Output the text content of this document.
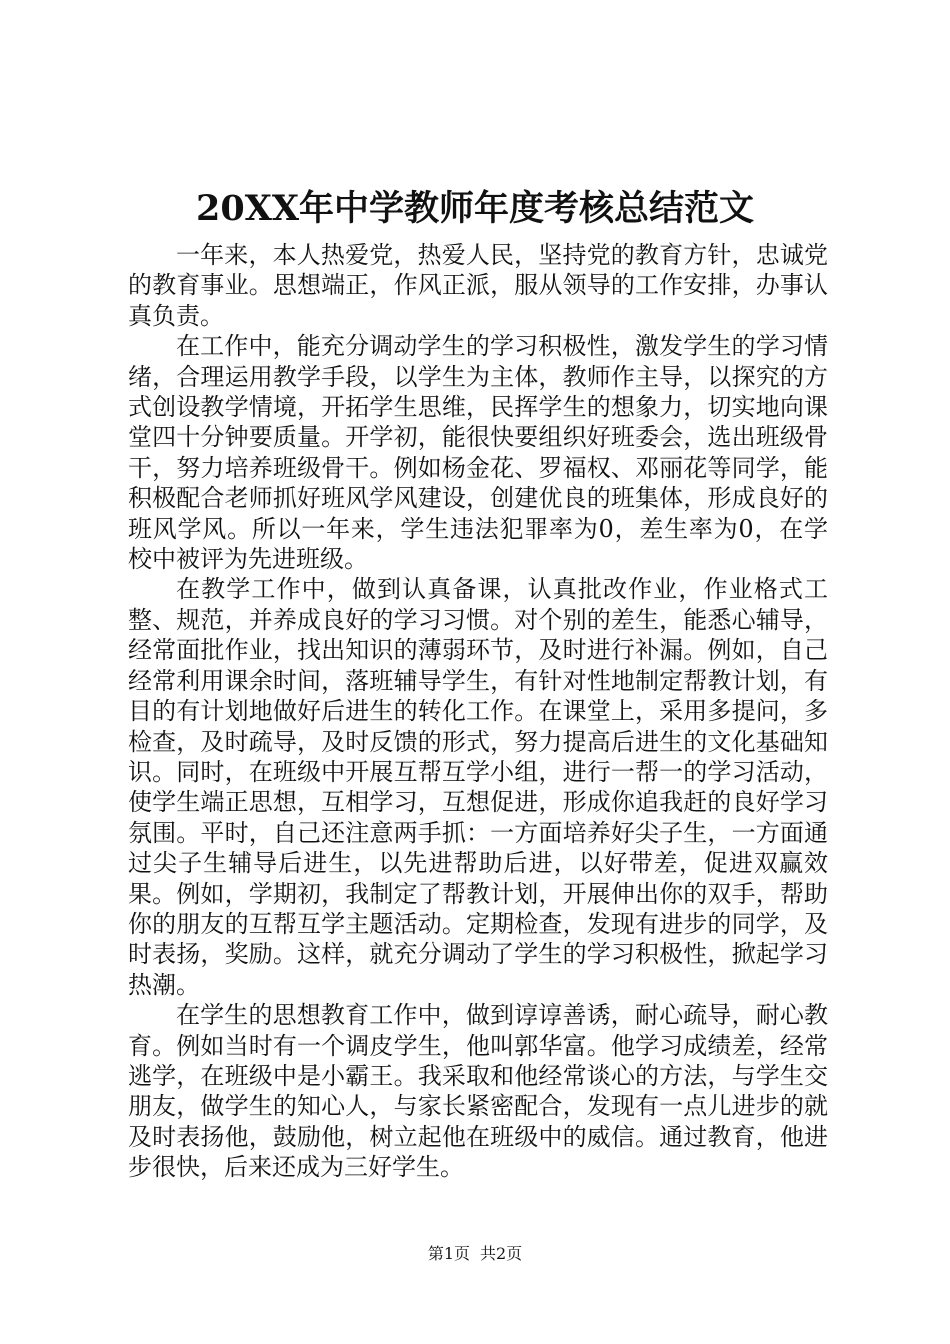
20XX年中学教师年度考核总结范文

一年来，本人热爱党，热爱人民，坚持党的教育方针，忠诚党的教育事业。思想端正，作风正派，服从领导的工作安排，办事认真负责。

在工作中，能充分调动学生的学习积极性，激发学生的学习情绪，合理运用教学手段，以学生为主体，教师作主导，以探究的方式创设教学情境，开拓学生思维，民挥学生的想象力，切实地向课堂四十分钟要质量。开学初，能很快要组织好班委会，选出班级骨干，努力培养班级骨干。例如杨金花、罗福权、邓丽花等同学，能积极配合老师抓好班风学风建设，创建优良的班集体，形成良好的班风学风。所以一年来，学生违法犯罪率为0，差生率为0，在学校中被评为先进班级。

在教学工作中，做到认真备课，认真批改作业，作业格式工整、规范，并养成良好的学习习惯。对个别的差生，能悉心辅导，经常面批作业，找出知识的薄弱环节，及时进行补漏。例如，自己经常利用课余时间，落班辅导学生，有针对性地制定帮教计划，有目的有计划地做好后进生的转化工作。在课堂上，采用多提问，多检查，及时疏导，及时反馈的形式，努力提高后进生的文化基础知识。同时，在班级中开展互帮互学小组，进行一帮一的学习活动，使学生端正思想，互相学习，互想促进，形成你追我赶的良好学习氛围。平时，自己还注意两手抓：一方面培养好尖子生，一方面通过尖子生辅导后进生，以先进帮助后进，以好带差，促进双赢效果。例如，学期初，我制定了帮教计划，开展伸出你的双手，帮助你的朋友的互帮互学主题活动。定期检查，发现有进步的同学，及时表扬，奖励。这样，就充分调动了学生的学习积极性，掀起学习热潮。

在学生的思想教育工作中，做到谆谆善诱，耐心疏导，耐心教育。例如当时有一个调皮学生，他叫郭华富。他学习成绩差，经常逃学，在班级中是小霸王。我采取和他经常谈心的方法，与学生交朋友，做学生的知心人，与家长紧密配合，发现有一点儿进步的就及时表扬他，鼓励他，树立起他在班级中的威信。通过教育，他进步很快，后来还成为三好学生。

第1页 共2页
